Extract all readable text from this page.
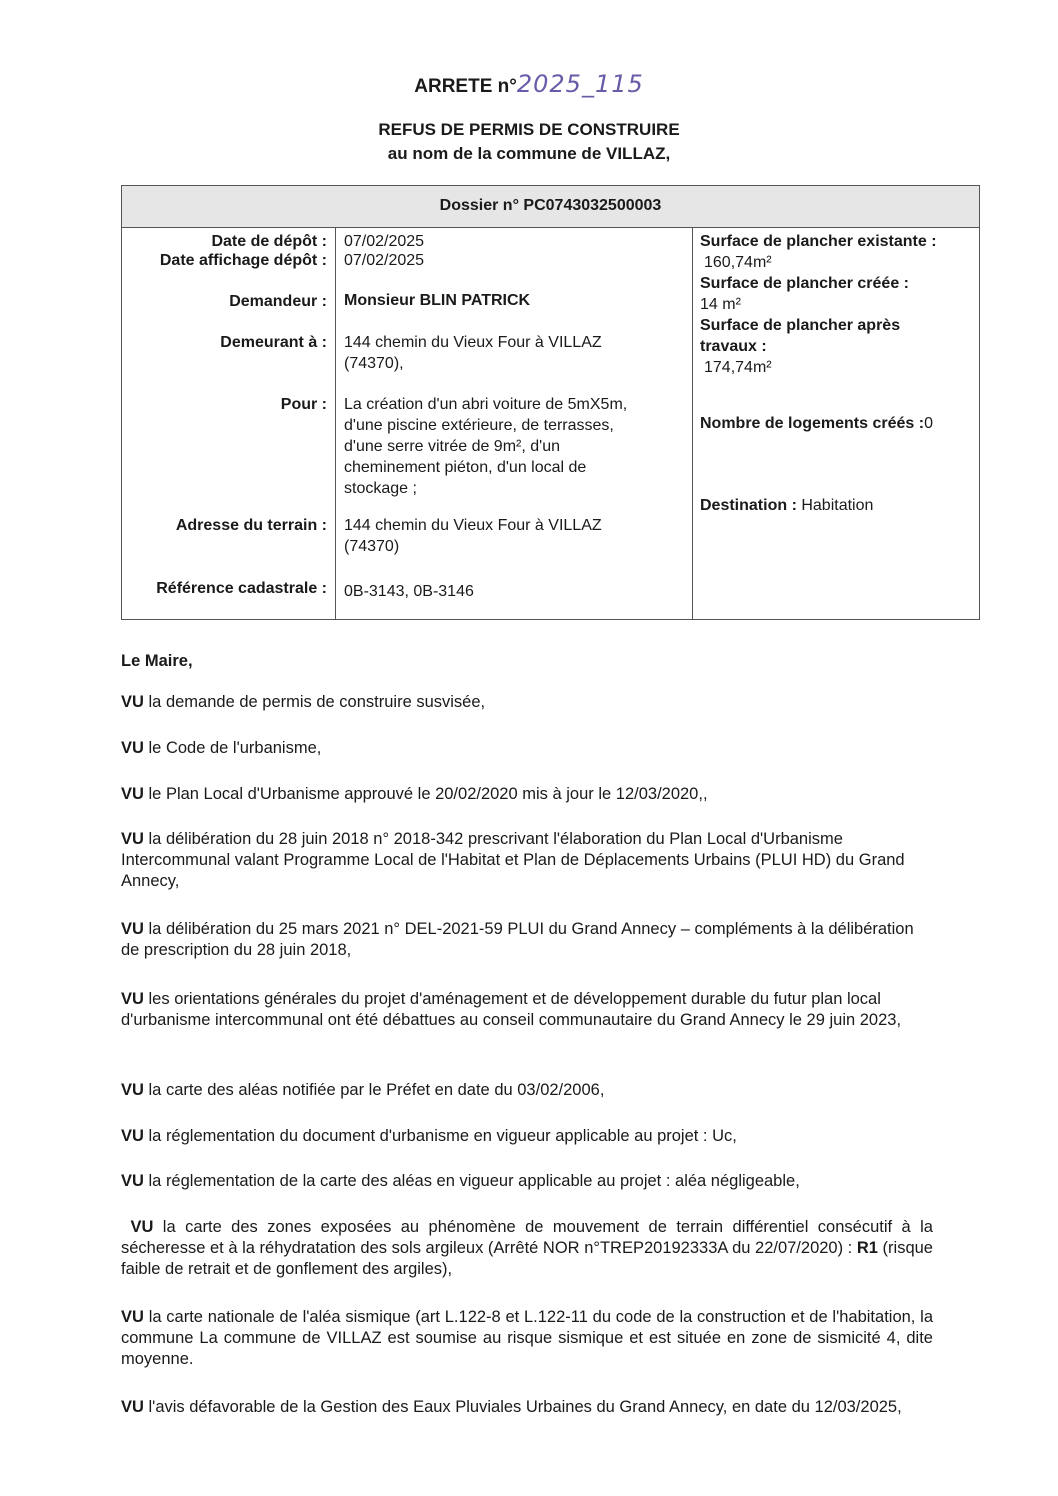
ARRETE n°2025_115
REFUS DE PERMIS DE CONSTRUIRE
au nom de la commune de VILLAZ,
Dossier n° PC0743032500003
Date de dépôt : 07/02/2025
Date affichage dépôt : 07/02/2025
Demandeur : Monsieur BLIN PATRICK
Demeurant à : 144 chemin du Vieux Four à VILLAZ
(74370),
Pour : La création d'un abri voiture de 5mX5m,
d'une piscine extérieure, de terrasses,
d'une serre vitrée de 9m², d'un
cheminement piéton, d'un local de
stockage ;
Adresse du terrain : 144 chemin du Vieux Four à VILLAZ
(74370)
Référence cadastrale : 0B-3143, 0B-3146
Surface de plancher existante :
160,74m²
Surface de plancher créée :
14 m²
Surface de plancher après
travaux :
174,74m²
Nombre de logements créés :0
Destination : Habitation
Le Maire,
VU la demande de permis de construire susvisée,
VU le Code de l'urbanisme,
VU le Plan Local d'Urbanisme approuvé le 20/02/2020 mis à jour le 12/03/2020,,
VU la délibération du 28 juin 2018 n° 2018-342 prescrivant l'élaboration du Plan Local d'Urbanisme Intercommunal valant Programme Local de l'Habitat et Plan de Déplacements Urbains (PLUI HD) du Grand Annecy,
VU la délibération du 25 mars 2021 n° DEL-2021-59 PLUI du Grand Annecy – compléments à la délibération de prescription du 28 juin 2018,
VU les orientations générales du projet d'aménagement et de développement durable du futur plan local d'urbanisme intercommunal ont été débattues au conseil communautaire du Grand Annecy le 29 juin 2023,
VU la carte des aléas notifiée par le Préfet en date du 03/02/2006,
VU la réglementation du document d'urbanisme en vigueur applicable au projet : Uc,
VU la réglementation de la carte des aléas en vigueur applicable au projet : aléa négligeable,
VU la carte des zones exposées au phénomène de mouvement de terrain différentiel consécutif à la sécheresse et à la réhydratation des sols argileux (Arrêté NOR n°TREP20192333A du 22/07/2020) : R1 (risque faible de retrait et de gonflement des argiles),
VU la carte nationale de l'aléa sismique (art L.122-8 et L.122-11 du code de la construction et de l'habitation, la commune La commune de VILLAZ est soumise au risque sismique et est située en zone de sismicité 4, dite moyenne.
VU l'avis défavorable de la Gestion des Eaux Pluviales Urbaines du Grand Annecy, en date du 12/03/2025,
